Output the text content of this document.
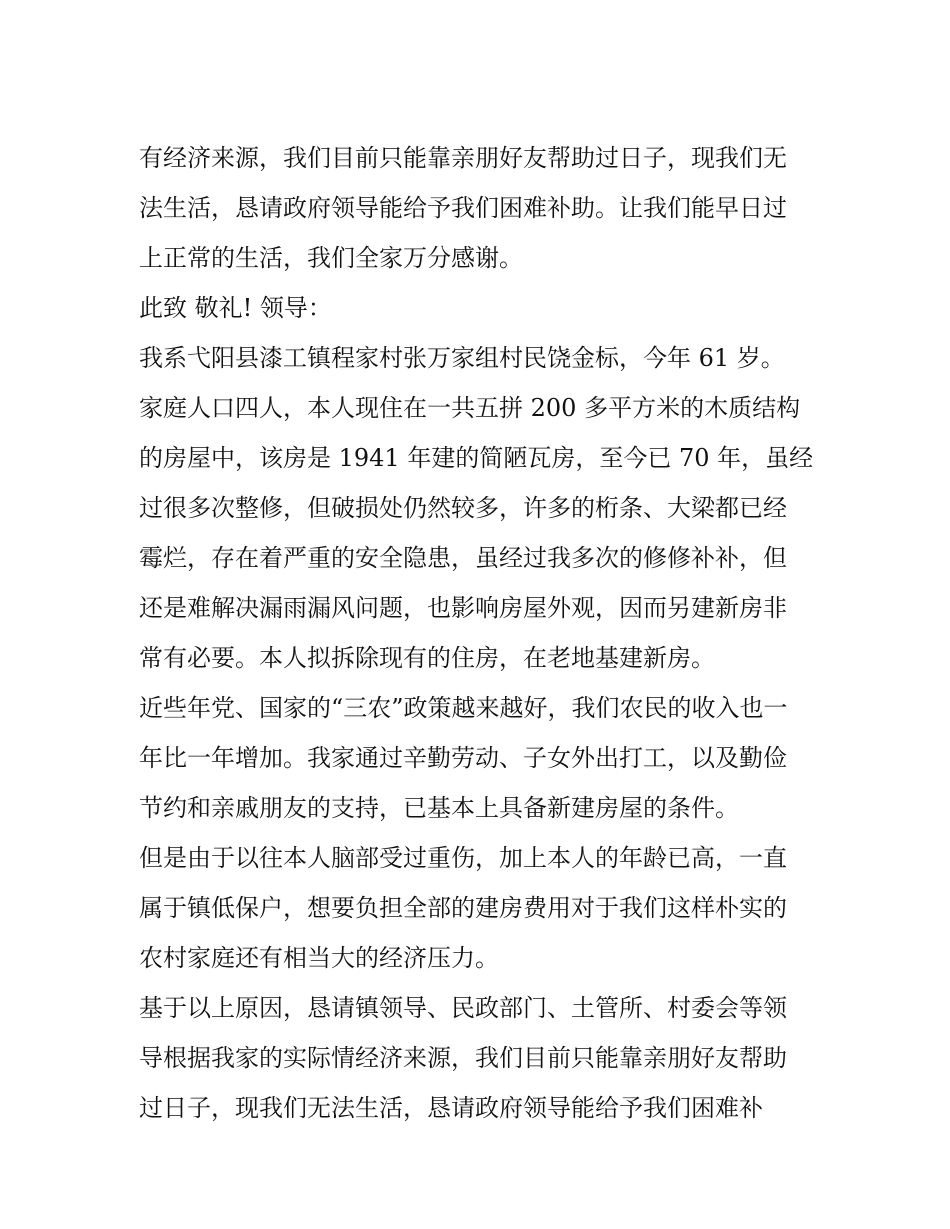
有经济来源，我们目前只能靠亲朋好友帮助过日子，现我们无
法生活，恳请政府领导能给予我们困难补助。让我们能早日过
上正常的生活，我们全家万分感谢。
此致 敬礼! 领导：
我系弋阳县漆工镇程家村张万家组村民饶金标，今年 61 岁。
家庭人口四人，本人现住在一共五拼 200 多平方米的木质结构
的房屋中，该房是 1941 年建的简陋瓦房，至今已 70 年，虽经
过很多次整修，但破损处仍然较多，许多的桁条、大梁都已经
霉烂，存在着严重的安全隐患，虽经过我多次的修修补补，但
还是难解决漏雨漏风问题，也影响房屋外观，因而另建新房非
常有必要。本人拟拆除现有的住房，在老地基建新房。
近些年党、国家的“三农”政策越来越好，我们农民的收入也一
年比一年增加。我家通过辛勤劳动、子女外出打工，以及勤俭
节约和亲戚朋友的支持，已基本上具备新建房屋的条件。
但是由于以往本人脑部受过重伤，加上本人的年龄已高，一直
属于镇低保户，想要负担全部的建房费用对于我们这样朴实的
农村家庭还有相当大的经济压力。
基于以上原因，恳请镇领导、民政部门、土管所、村委会等领
导根据我家的实际情经济来源，我们目前只能靠亲朋好友帮助
过日子，现我们无法生活，恳请政府领导能给予我们困难补
